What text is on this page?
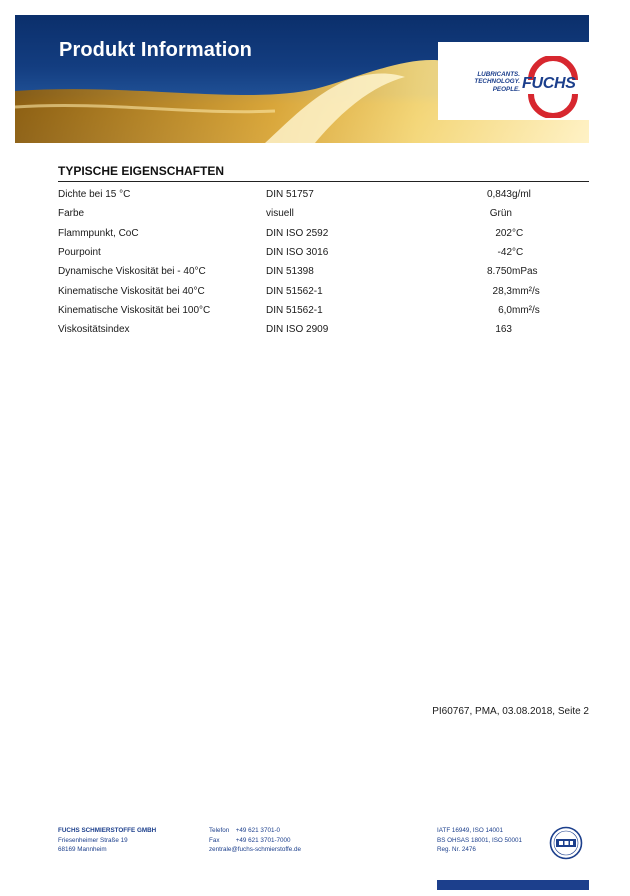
Produkt Information
LUBRICANTS.
TECHNOLOGY.
PEOPLE. FUCHS
TYPISCHE EIGENSCHAFTEN
Dichte bei 15 °C	DIN 51757	0,843	g/ml
Farbe	visuell	Grün	
Flammpunkt, CoC	DIN ISO 2592	202	°C
Pourpoint	DIN ISO 3016	-42	°C
Dynamische Viskosität bei - 40°C	DIN 51398	8.750	mPas
Kinematische Viskosität bei 40°C	DIN 51562-1	28,3	mm²/s
Kinematische Viskosität bei 100°C	DIN 51562-1	6,0	mm²/s
Viskositätsindex	DIN ISO 2909	163	
PI60767, PMA, 03.08.2018, Seite 2
FUCHS SCHMIERSTOFFE GMBH
Friesenheimer Straße 19
68169 Mannheim
Telefon +49 621 3701-0
Fax	+49 621 3701-7000
zentrale@fuchs-schmierstoffe.de
IATF 16949, ISO 14001
BS OHSAS 18001, ISO 50001
Reg. Nr. 2476
